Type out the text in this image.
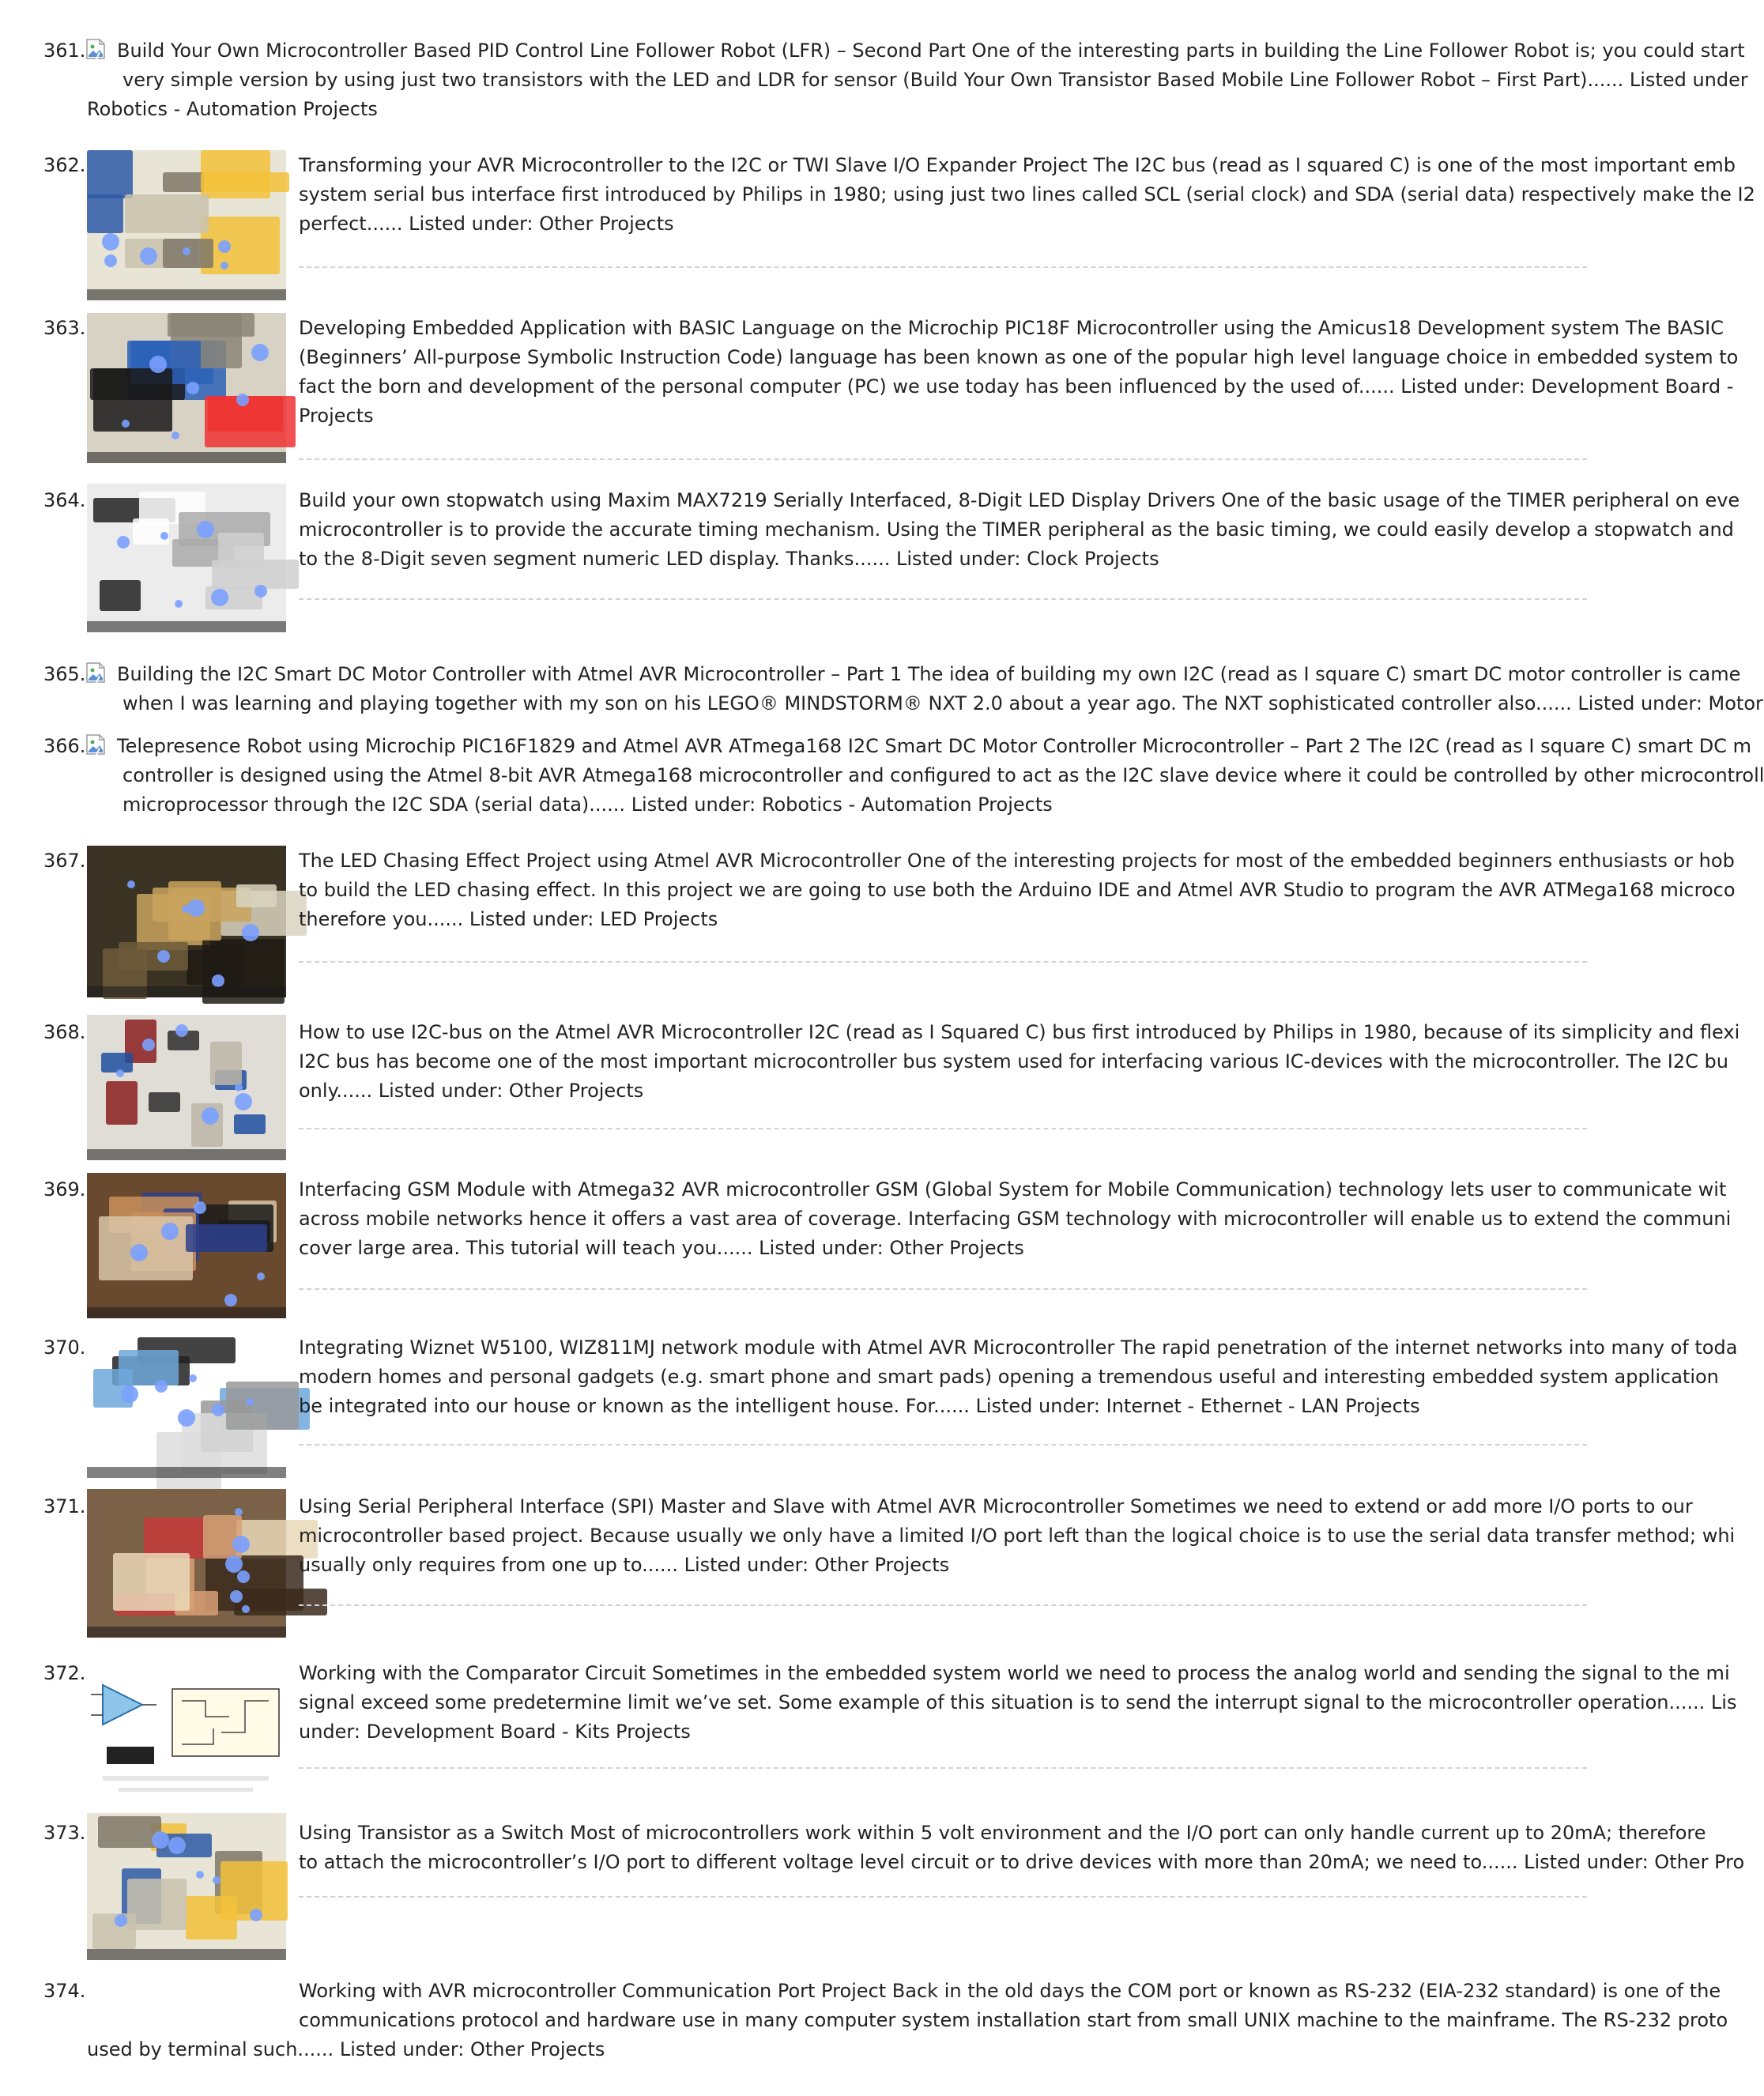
361.	Build Your Own Microcontroller Based PID Control Line Follower Robot (LFR) – Second Part One of the interesting parts in building the Line Follower Robot is; you could start
very simple version by using just two transistors with the LED and LDR for sensor (Build Your Own Transistor Based Mobile Line Follower Robot – First Part)...... Listed under
Robotics - Automation Projects
362.	Transforming your AVR Microcontroller to the I2C or TWI Slave I/O Expander Project The I2C bus (read as I squared C) is one of the most important emb
system serial bus interface first introduced by Philips in 1980; using just two lines called SCL (serial clock) and SDA (serial data) respectively make the I2
perfect...... Listed under: Other Projects
363.	Developing Embedded Application with BASIC Language on the Microchip PIC18F Microcontroller using the Amicus18 Development system The BASIC
(Beginners’ All-purpose Symbolic Instruction Code) language has been known as one of the popular high level language choice in embedded system to
fact the born and development of the personal computer (PC) we use today has been influenced by the used of...... Listed under: Development Board -
Projects
364.	Build your own stopwatch using Maxim MAX7219 Serially Interfaced, 8-Digit LED Display Drivers One of the basic usage of the TIMER peripheral on eve
microcontroller is to provide the accurate timing mechanism. Using the TIMER peripheral as the basic timing, we could easily develop a stopwatch and
to the 8-Digit seven segment numeric LED display. Thanks...... Listed under: Clock Projects
365.	Building the I2C Smart DC Motor Controller with Atmel AVR Microcontroller – Part 1 The idea of building my own I2C (read as I square C) smart DC motor controller is came
when I was learning and playing together with my son on his LEGO® MINDSTORM® NXT 2.0 about a year ago. The NXT sophisticated controller also...... Listed under: Motor
366.	Telepresence Robot using Microchip PIC16F1829 and Atmel AVR ATmega168 I2C Smart DC Motor Controller Microcontroller – Part 2 The I2C (read as I square C) smart DC m
controller is designed using the Atmel 8-bit AVR Atmega168 microcontroller and configured to act as the I2C slave device where it could be controlled by other microcontroll
microprocessor through the I2C SDA (serial data)...... Listed under: Robotics - Automation Projects
367.	The LED Chasing Effect Project using Atmel AVR Microcontroller One of the interesting projects for most of the embedded beginners enthusiasts or hob
to build the LED chasing effect. In this project we are going to use both the Arduino IDE and Atmel AVR Studio to program the AVR ATMega168 microco
therefore you...... Listed under: LED Projects
368.	How to use I2C-bus on the Atmel AVR Microcontroller I2C (read as I Squared C) bus first introduced by Philips in 1980, because of its simplicity and flexi
I2C bus has become one of the most important microcontroller bus system used for interfacing various IC-devices with the microcontroller. The I2C bu
only...... Listed under: Other Projects
369.	Interfacing GSM Module with Atmega32 AVR microcontroller GSM (Global System for Mobile Communication) technology lets user to communicate wit
across mobile networks hence it offers a vast area of coverage. Interfacing GSM technology with microcontroller will enable us to extend the communi
cover large area. This tutorial will teach you...... Listed under: Other Projects
370.	Integrating Wiznet W5100, WIZ811MJ network module with Atmel AVR Microcontroller The rapid penetration of the internet networks into many of toda
modern homes and personal gadgets (e.g. smart phone and smart pads) opening a tremendous useful and interesting embedded system application
be integrated into our house or known as the intelligent house. For...... Listed under: Internet - Ethernet - LAN Projects
371.	Using Serial Peripheral Interface (SPI) Master and Slave with Atmel AVR Microcontroller Sometimes we need to extend or add more I/O ports to our
microcontroller based project. Because usually we only have a limited I/O port left than the logical choice is to use the serial data transfer method; whi
usually only requires from one up to...... Listed under: Other Projects
372.	Working with the Comparator Circuit Sometimes in the embedded system world we need to process the analog world and sending the signal to the mi
signal exceed some predetermine limit we’ve set. Some example of this situation is to send the interrupt signal to the microcontroller operation...... Lis
under: Development Board - Kits Projects
373.	Using Transistor as a Switch Most of microcontrollers work within 5 volt environment and the I/O port can only handle current up to 20mA; therefore
to attach the microcontroller’s I/O port to different voltage level circuit or to drive devices with more than 20mA; we need to...... Listed under: Other Pro
374.	Working with AVR microcontroller Communication Port Project Back in the old days the COM port or known as RS-232 (EIA-232 standard) is one of the
communications protocol and hardware use in many computer system installation start from small UNIX machine to the mainframe. The RS-232 proto
used by terminal such...... Listed under: Other Projects
